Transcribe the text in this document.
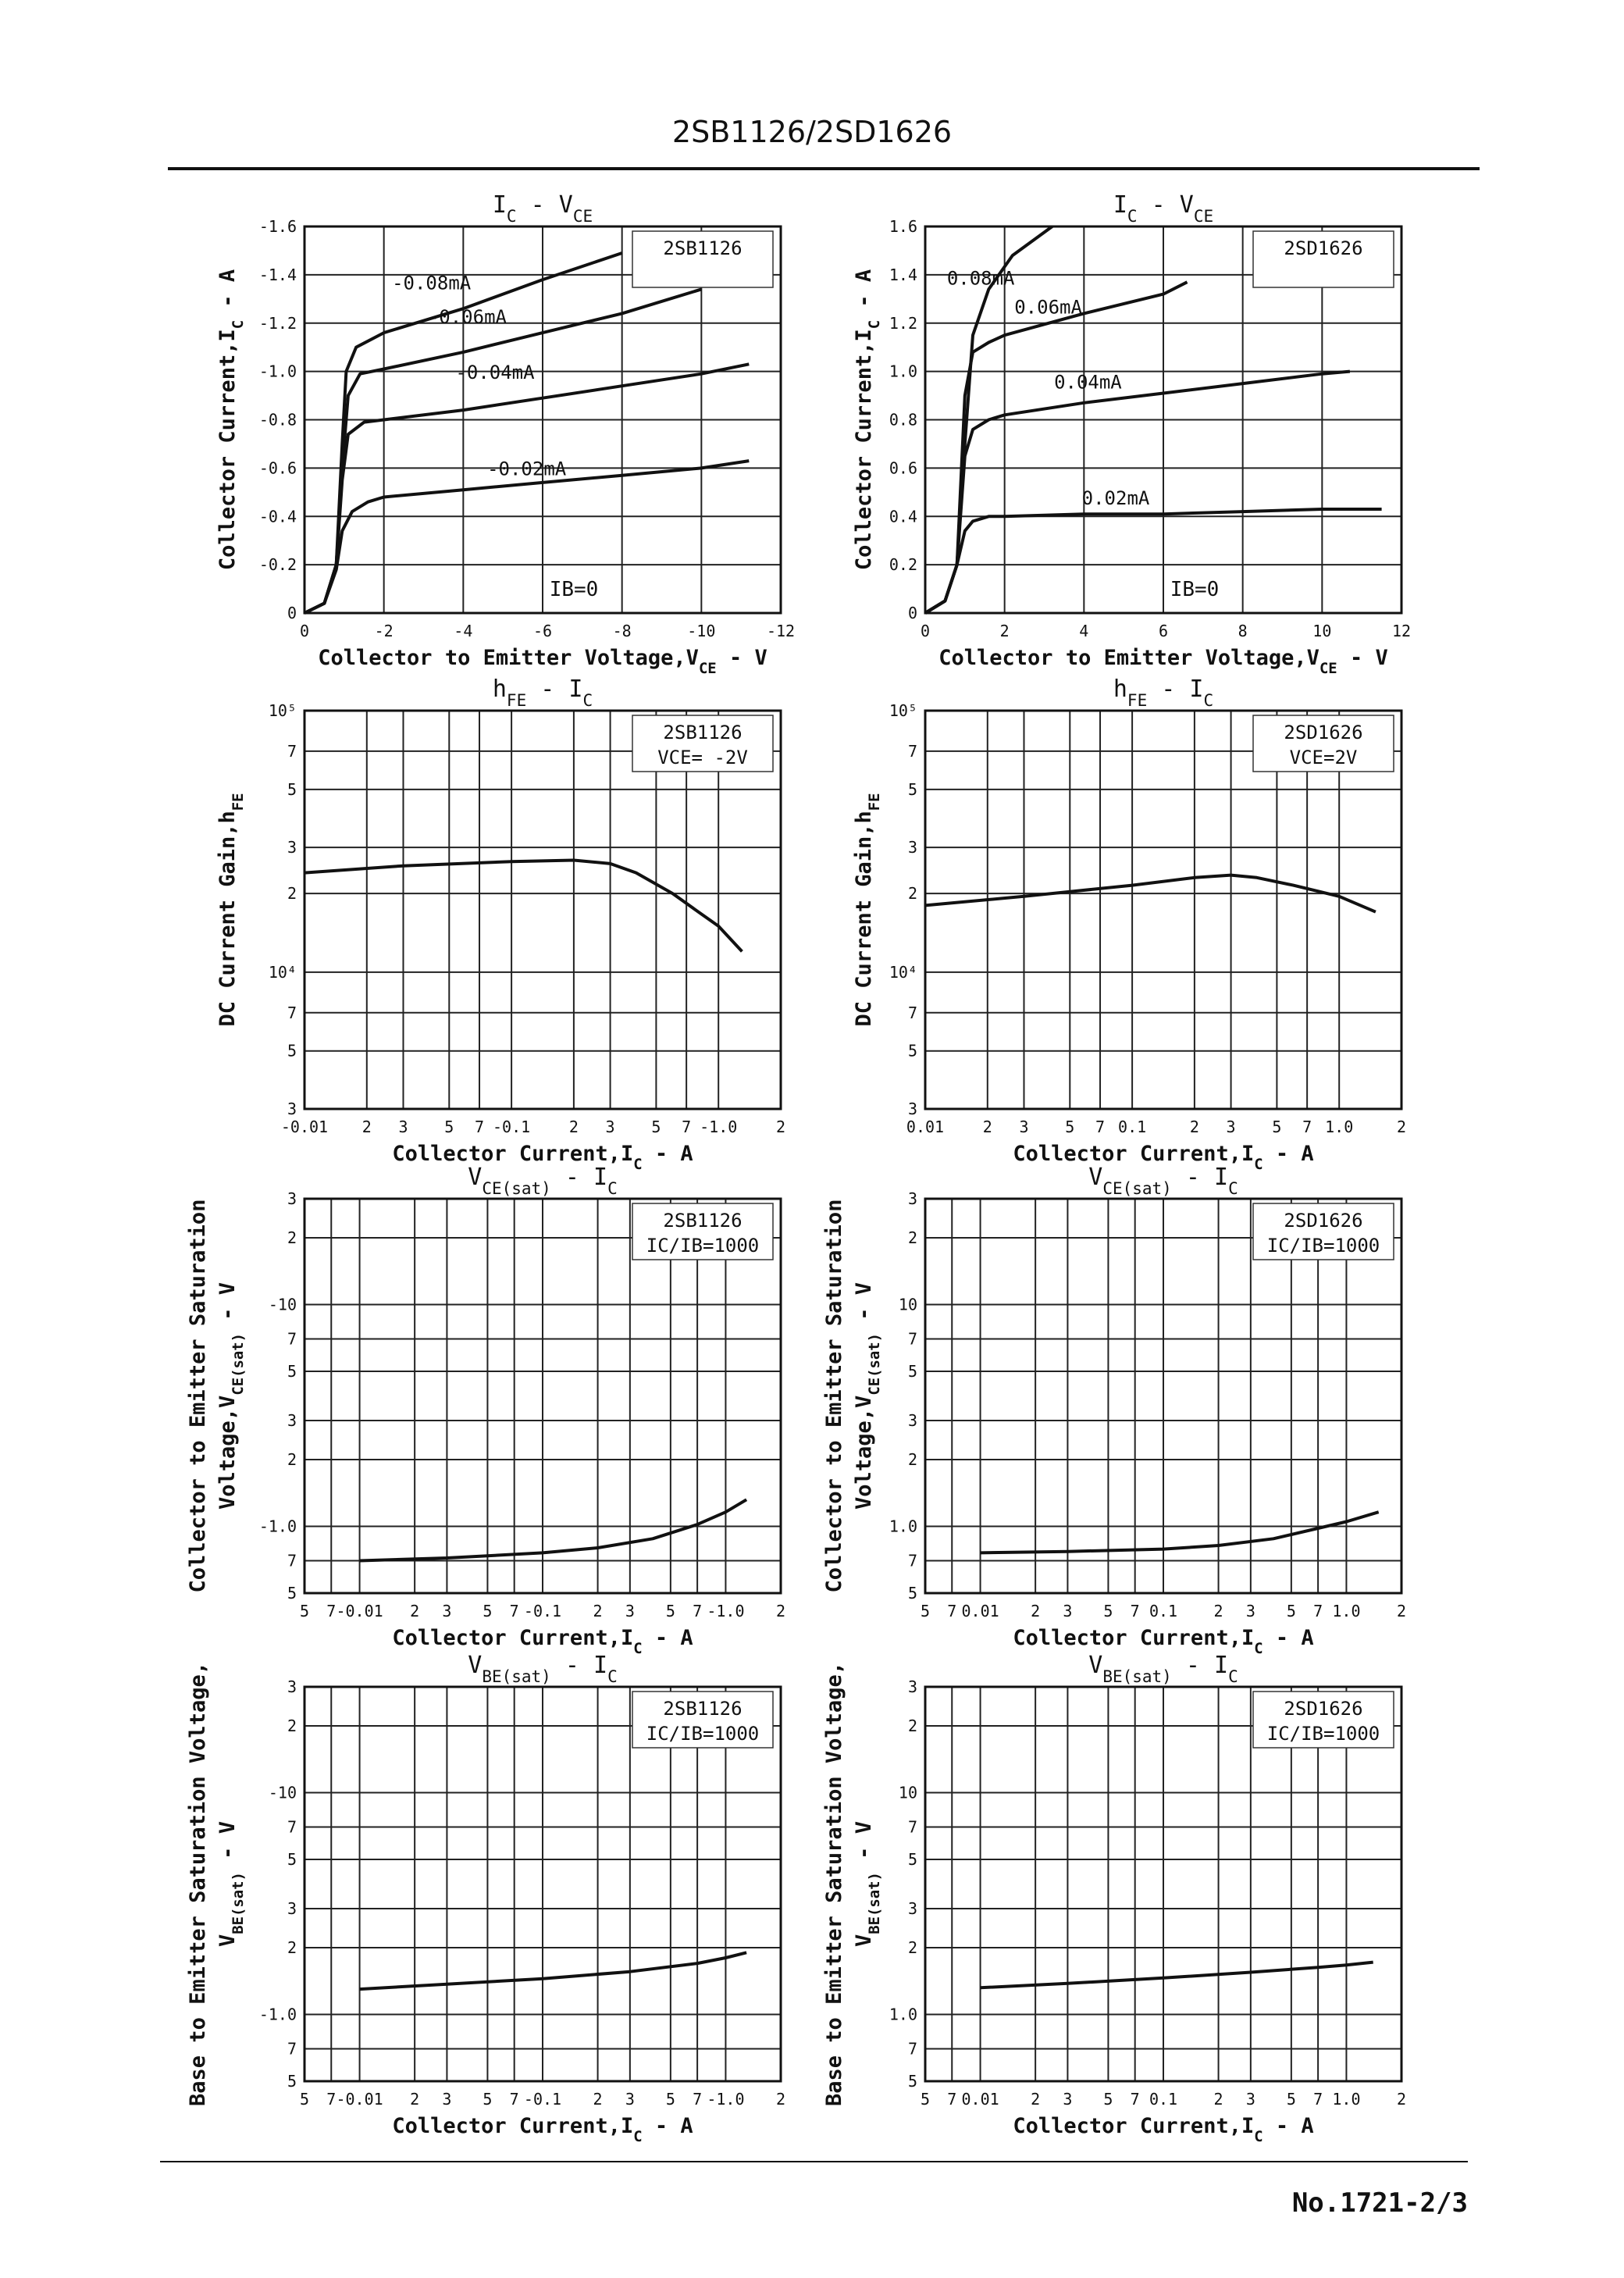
2SB1126/2SD1626
No.1721-2/3
0	-2	-4	-6	-8	-10	-12
0
-0.2
-0.4
-0.6
-0.8
-1.0
-1.2
-1.4
-1.6
2SB1126
IB=0
-0.08mA
-0.06mA
-0.04mA
-0.02mA
$I_C - V_{CE}$
Collector to Emitter $Voltage,V_{CE}$ - V
Collector $Current,I_C$ - A
0	2	4	6	8	10	12
0
0.2
0.4
0.6
0.8
1.0
1.2
1.4
1.6
2SD1626
IB=0
0.08mA
0.06mA
0.04mA
0.02mA
$I_C - V_{CE}$
Collector to Emitter $Voltage,V_{CE}$ - V
Collector $Current,I_C$ - A
-0.01 2 3 5 7 -0.1 2 3 5 7 -1.0 2
3
5
7
10⁴
2
3
5
7
10⁵
2SB1126
VCE= -2V
$h_{FE} - I_C$
Collector $Current,I_C$ - A
DC Current $Gain,h_{FE}$
0.01 2 3 5 7 0.1	2 3 5 7 1.0	2
3
5
7
10⁴
2
3
5
7
10⁵
2SD1626
VCE=2V
$h_{FE} - I_C$
Collector $Current,I_C$ - A
DC Current $Gain,h_{FE}$
5 7 -0.01 2 3 5 7 -0.1 2 3 5 7 -1.0 2
5
7
-1.0
2
3
5
7
-10
2
3
2SB1126
IC/IB=1000
$V_{CE(sat)} - I_C$
Collector $Current,I_C$ - A
Collector to Emitter Saturation $Voltage,V_{CE(sat)}$ - V
5 7 0.01 2 3 5 7 0.1 2 3 5 7 1.0 2
5
7
1.0
2
3
5
7
10
2
3
2SD1626
IC/IB=1000
$V_{CE(sat)} - I_C$
Collector $Current,I_C$ - A
Collector to Emitter Saturation $Voltage,V_{CE(sat)}$ - V
5 7 -0.01 2 3 5 7 -0.1 2 3 5 7 -1.0 2
5
7
-1.0
2
3
5
7
-10
2
3
2SB1126
IC/IB=1000
$V_{BE(sat)} - I_C$
Collector $Current,I_C$ - A
Base to Emitter Saturation Voltage, $V_{BE(sat)}$ - V
5 7 0.01 2 3 5 7 0.1 2 3 5 7 1.0 2
5
7
1.0
2
3
5
7
10
2
3
2SD1626
IC/IB=1000
$V_{BE(sat)} - I_C$
Collector $Current,I_C$ - A
Base to Emitter Saturation Voltage, $V_{BE(sat)}$ - V
